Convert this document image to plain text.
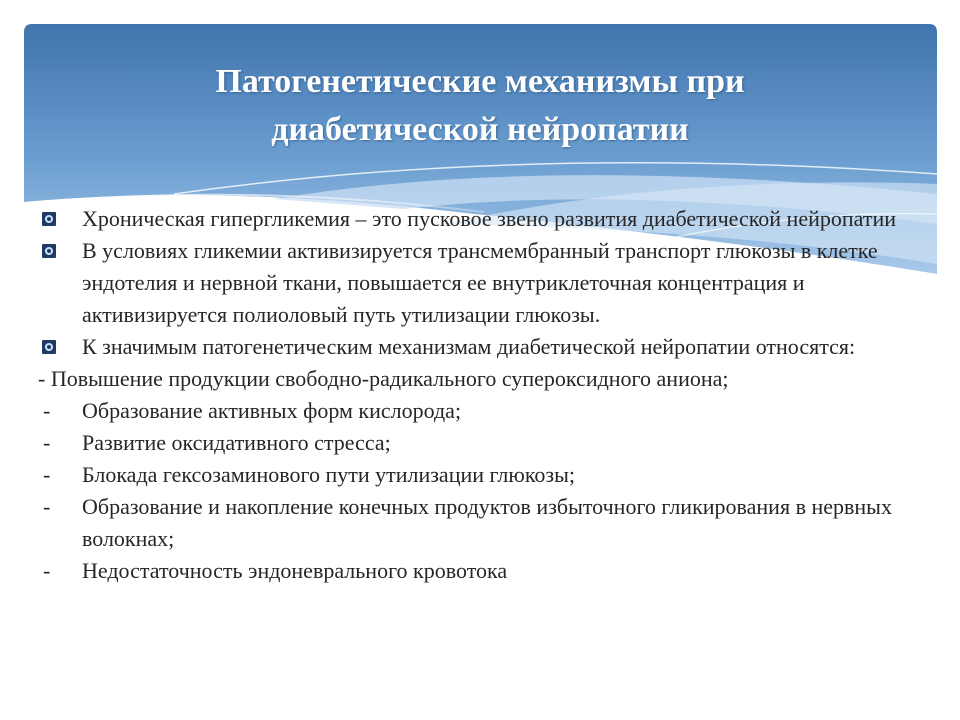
Патогенетические механизмы при
диабетической нейропатии
Хроническая гипергликемия – это пусковое звено развития диабетической нейропатии
В условиях гликемии активизируется трансмембранный транспорт глюкозы в клетке эндотелия и нервной ткани, повышается ее внутриклеточная концентрация и активизируется полиоловый путь утилизации глюкозы.
К значимым патогенетическим механизмам диабетической нейропатии относятся:
- Повышение продукции свободно-радикального супероксидного аниона;
- Образование активных форм кислорода;
- Развитие оксидативного стресса;
- Блокада гексозаминового пути утилизации глюкозы;
- Образование и накопление конечных продуктов избыточного гликирования в нервных волокнах;
- Недостаточность эндоневрального кровотока
